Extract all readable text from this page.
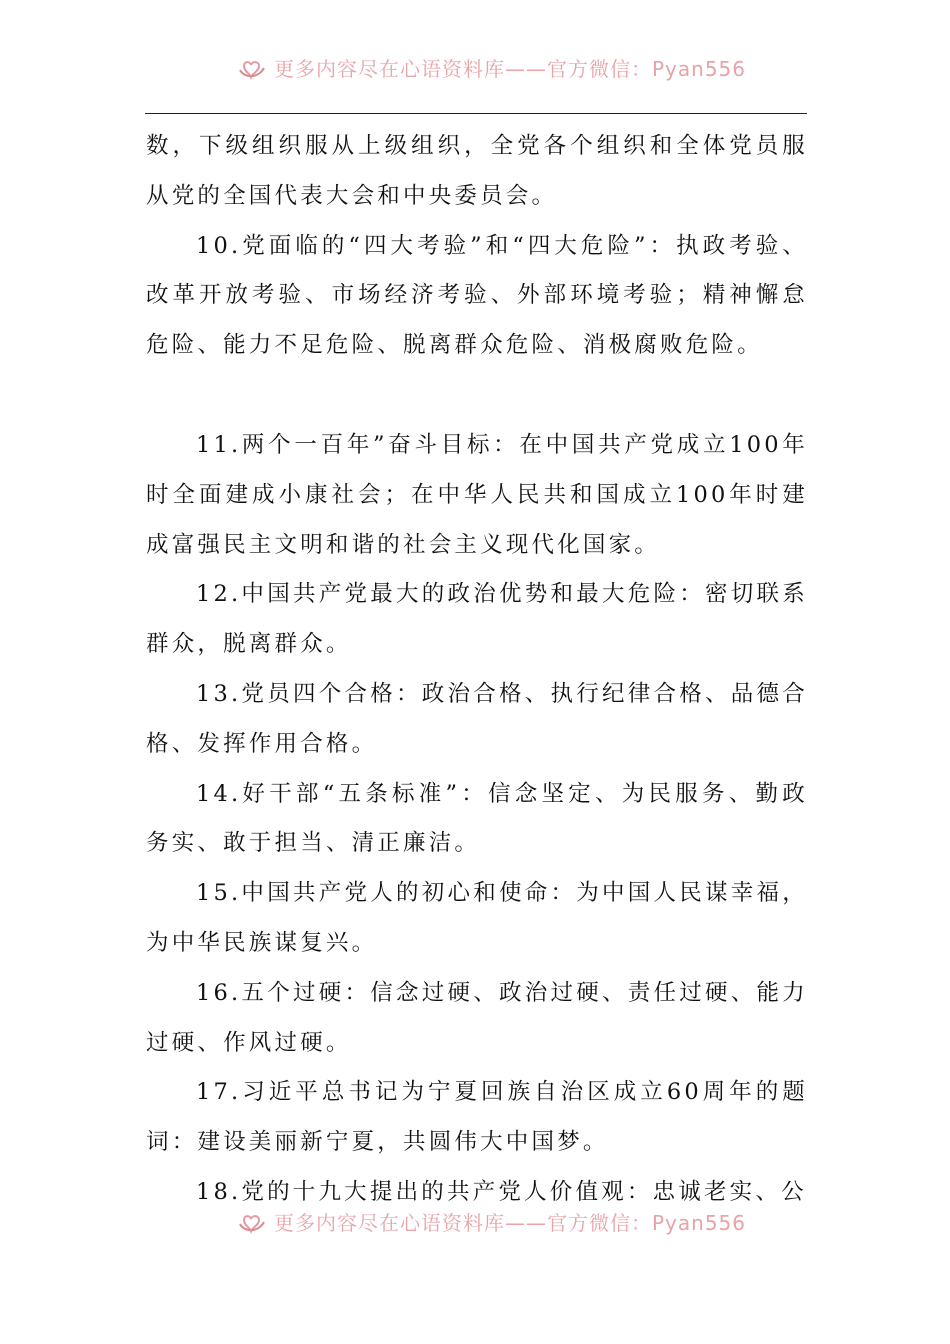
更多内容尽在心语资料库——官方微信：Pyan556

数，下级组织服从上级组织，全党各个组织和全体党员服从党的全国代表大会和中央委员会。

10.党面临的“四大考验”和“四大危险”：执政考验、改革开放考验、市场经济考验、外部环境考验；精神懈怠危险、能力不足危险、脱离群众危险、消极腐败危险。

11.两个一百年”奋斗目标：在中国共产党成立100年时全面建成小康社会；在中华人民共和国成立100年时建成富强民主文明和谐的社会主义现代化国家。

12.中国共产党最大的政治优势和最大危险：密切联系群众，脱离群众。

13.党员四个合格：政治合格、执行纪律合格、品德合格、发挥作用合格。

14.好干部“五条标准”：信念坚定、为民服务、勤政务实、敢于担当、清正廉洁。

15.中国共产党人的初心和使命：为中国人民谋幸福，为中华民族谋复兴。

16.五个过硬：信念过硬、政治过硬、责任过硬、能力过硬、作风过硬。

17.习近平总书记为宁夏回族自治区成立60周年的题词：建设美丽新宁夏，共圆伟大中国梦。

18.党的十九大提出的共产党人价值观：忠诚老实、公

更多内容尽在心语资料库——官方微信：Pyan556
